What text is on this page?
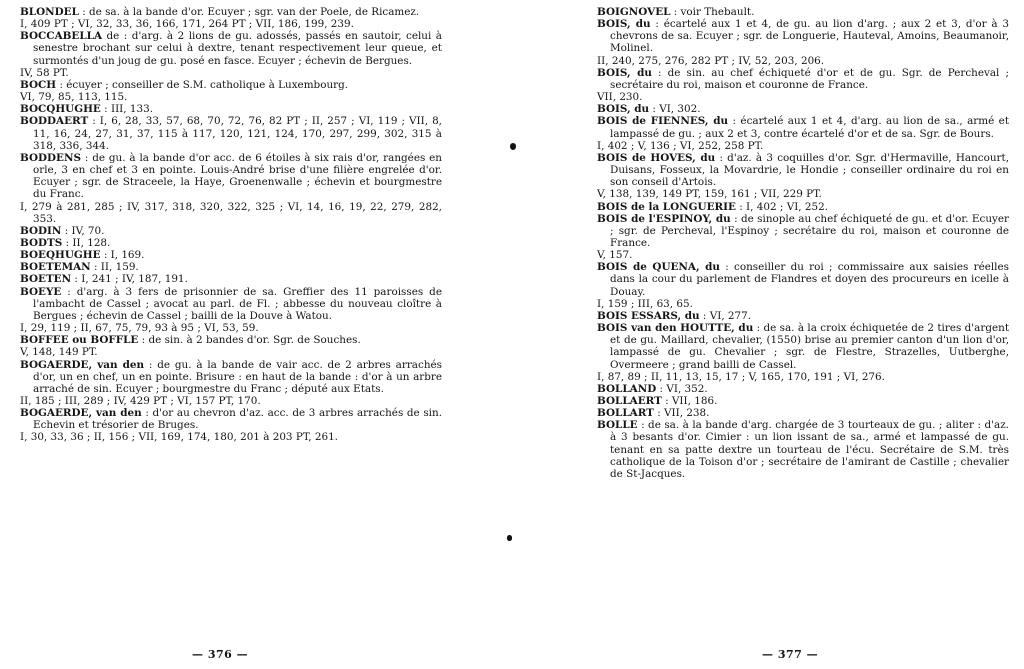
BLONDEL : de sa. à la bande d'or. Ecuyer ; sgr. van der Poele, de Ricamez.

I, 409 PT ; VI, 32, 33, 36, 166, 171, 264 PT ; VII, 186, 199, 239.

BOCCABELLA de : d'arg. à 2 lions de gu. adossés, passés en sautoir, celui à senestre brochant sur celui à dextre, tenant respectivement leur queue, et surmontés d'un joug de gu. posé en fasce. Ecuyer ; échevin de Bergues.

IV, 58 PT.

BOCH : écuyer ; conseiller de S.M. catholique à Luxembourg.

VI, 79, 85, 113, 115.

BOCQHUGHE : III, 133.

BODDAERT : I, 6, 28, 33, 57, 68, 70, 72, 76, 82 PT ; II, 257 ; VI, 119 ; VII, 8, 11, 16, 24, 27, 31, 37, 115 à 117, 120, 121, 124, 170, 297, 299, 302, 315 à 318, 336, 344.

BODDENS : de gu. à la bande d'or acc. de 6 étoiles à six rais d'or, rangées en orle, 3 en chef et 3 en pointe. Louis-André brise d'une filière engrelée d'or. Ecuyer ; sgr. de Straceele, la Haye, Groenenwalle ; échevin et bourgmestre du Franc.

I, 279 à 281, 285 ; IV, 317, 318, 320, 322, 325 ; VI, 14, 16, 19, 22, 279, 282, 353.

BODIN : IV, 70.

BODTS : II, 128.

BOEQHUGHE : I, 169.

BOETEMAN : II, 159.

BOETEN : I, 241 ; IV, 187, 191.

BOEYE : d'arg. à 3 fers de prisonnier de sa. Greffier des 11 paroisses de l'ambacht de Cassel ; avocat au parl. de Fl. ; abbesse du nouveau cloître à Bergues ; échevin de Cassel ; bailli de la Douve à Watou.

I, 29, 119 ; II, 67, 75, 79, 93 à 95 ; VI, 53, 59.

BOFFEE ou BOFFLE : de sin. à 2 bandes d'or. Sgr. de Souches.

V, 148, 149 PT.

BOGAERDE, van den : de gu. à la bande de vair acc. de 2 arbres arrachés d'or, un en chef, un en pointe. Brisure : en haut de la bande : d'or à un arbre arraché de sin. Ecuyer ; bourgmestre du Franc ; député aux Etats.

II, 185 ; III, 289 ; IV, 429 PT ; VI, 157 PT, 170.

BOGAERDE, van den : d'or au chevron d'az. acc. de 3 arbres arrachés de sin. Echevin et trésorier de Bruges.

I, 30, 33, 36 ; II, 156 ; VII, 169, 174, 180, 201 à 203 PT, 261.

BOIGNOVEL : voir Thebault.

BOIS, du : écartelé aux 1 et 4, de gu. au lion d'arg. ; aux 2 et 3, d'or à 3 chevrons de sa. Ecuyer ; sgr. de Longuerie, Hauteval, Amoins, Beaumanoir, Molinel.

II, 240, 275, 276, 282 PT ; IV, 52, 203, 206.

BOIS, du : de sin. au chef échiqueté d'or et de gu. Sgr. de Percheval ; secrétaire du roi, maison et couronne de France.

VII, 230.

BOIS, du : VI, 302.

BOIS de FIENNES, du : écartelé aux 1 et 4, d'arg. au lion de sa., armé et lampassé de gu. ; aux 2 et 3, contre écartelé d'or et de sa. Sgr. de Bours.

I, 402 ; V, 136 ; VI, 252, 258 PT.

BOIS de HOVES, du : d'az. à 3 coquilles d'or. Sgr. d'Hermaville, Hancourt, Duisans, Fosseux, la Movardrie, le Hondie ; conseiller ordinaire du roi en son conseil d'Artois.

V, 138, 139, 149 PT, 159, 161 ; VII, 229 PT.

BOIS de la LONGUERIE : I, 402 ; VI, 252.

BOIS de l'ESPINOY, du : de sinople au chef échiqueté de gu. et d'or. Ecuyer ; sgr. de Percheval, l'Espinoy ; secrétaire du roi, maison et couronne de France.

V, 157.

BOIS de QUENA, du : conseiller du roi ; commissaire aux saisies réelles dans la cour du parlement de Flandres et doyen des procureurs en icelle à Douay.

I, 159 ; III, 63, 65.

BOIS ESSARS, du : VI, 277.

BOIS van den HOUTTE, du : de sa. à la croix échiquetée de 2 tires d'argent et de gu. Maillard, chevalier, (1550) brise au premier canton d'un lion d'or, lampassé de gu. Chevalier ; sgr. de Flestre, Strazelles, Uutberghe, Overmeere ; grand bailli de Cassel.

I, 87, 89 ; II, 11, 13, 15, 17 ; V, 165, 170, 191 ; VI, 276.

BOLLAND : VI, 352.

BOLLAERT : VII, 186.

BOLLART : VII, 238.

BOLLE : de sa. à la bande d'arg. chargée de 3 tourteaux de gu. ; aliter : d'az. à 3 besants d'or. Cimier : un lion issant de sa., armé et lampassé de gu. tenant en sa patte dextre un tourteau de l'écu. Secrétaire de S.M. très catholique de la Toison d'or ; secrétaire de l'amirant de Castille ; chevalier de St-Jacques.

— 376 —	— 377 —
